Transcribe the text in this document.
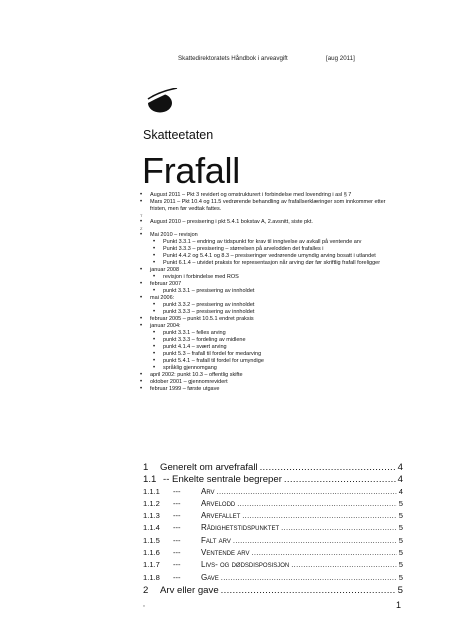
Skattedirektoratets Håndbok i arveavgift	[aug 2011]
Skatteetaten
Frafall
• August 2011 – Pkt 3 revidert og omstrukturert i forbindelse med lovendring i asl § 7
• Mars 2011 – Pkt 10.4 og 11.5 vedrørende behandling av frafallserklæringer som innkommer etter fristen, men før vedtak fattes.
T
• August 2010 – presisering i pkt 5.4.1 bokstav A, 2.avsnitt, siste pkt.
Z
• Mai 2010 – revisjon
• Punkt 3.3.1 – endring av tidspunkt for krav til inngivelse av avkall på ventende arv
• Punkt 3.3.3 – presisering – størrelsen på arvelodden det frafalles i
• Punkt 4.4.2 og 5.4.1 og 8.3 – presiseringer vedrørende umyndig arving bosatt i utlandet
• Punkt 6.1.4 – utvidet praksis for representasjon når arving dør før skriftlig frafall foreligger
• januar 2008
• revisjon i forbindelse med ROS
• februar 2007
• punkt 3.3.1 – presisering av innholdet
• mai 2006:
• punkt 3.3.2 – presisering av innholdet
• punkt 3.3.3 – presisering av innholdet
• februar 2005 – punkt 10.5.1 endret praksis
• januar 2004:
• punkt 3.3.1 – felles arving
• punkt 3.3.3 – fordeling av midlene
• punkt 4.1.4 – svært arving
• punkt 5.3 – frafall til fordel for medarving
• punkt 5.4.1 – frafall til fordel for umyndige
• språklig gjennomgang
• april 2002: punkt 10.3 – offentlig skifte
• oktober 2001 – gjennomrevidert
• februar 1999 – første utgave
1	Generelt om arvefrafall .....	4
1.1 -- Enkelte sentrale begreper .....	4
1.1.1	---	Arv .....	4
1.1.2	---	Arvelodd .....	5
1.1.3	---	Arvefallet .....	5
1.1.4	---	Rådighetstidspunktet .....	5
1.1.5	---	Falt arv .....	5
1.1.6	---	Ventende arv .....	5
1.1.7	---	Livs- og dødsdisposisjon .....	5
1.1.8	---	Gave .....	5
2	Arv eller gave .....	5
*	1
